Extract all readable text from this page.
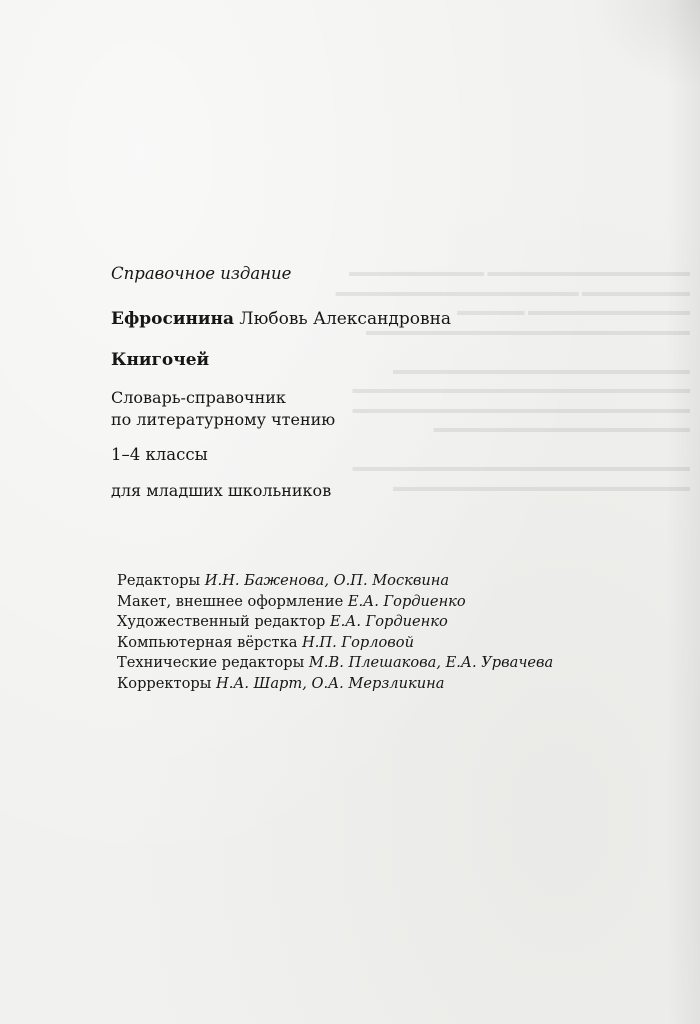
▬▬▬▬▬▬▬▬▬▬▬▬▬▬▬ ▬▬▬▬▬▬▬▬▬▬
▬▬▬▬▬▬▬▬ ▬▬▬▬▬▬▬▬▬▬▬▬▬▬▬▬▬▬
▬▬▬▬▬▬▬▬▬▬▬▬ ▬▬▬▬▬
▬▬▬▬▬▬▬▬▬▬▬▬▬▬▬▬▬▬▬▬▬▬▬▬

▬▬▬▬▬▬▬▬▬▬▬▬▬▬▬▬▬▬▬▬▬▬
▬▬▬▬▬▬▬▬▬▬▬▬▬▬▬▬▬▬▬▬▬▬▬▬▬
▬▬▬▬▬▬▬▬▬▬▬▬▬▬▬▬▬▬▬▬▬▬▬▬▬
▬▬▬▬▬▬▬▬▬▬▬▬▬▬▬▬▬▬▬

▬▬▬▬▬▬▬▬▬▬▬▬▬▬▬▬▬▬▬▬▬▬▬▬▬
▬▬▬▬▬▬▬▬▬▬▬▬▬▬▬▬▬▬▬▬▬▬

Справочное издание

Ефросинина Любовь Александровна
Книгочей
Словарь-справочник
по литературному чтению
1–4 классы
для младших школьников
Редакторы И.Н. Баженова, О.П. Москвина
Макет, внешнее оформление Е.А. Гордиенко
Художественный редактор Е.А. Гордиенко
Компьютерная вёрстка Н.П. Горловой
Технические редакторы М.В. Плешакова, Е.А. Урвачева
Корректоры Н.А. Шарт, О.А. Мерзликина
